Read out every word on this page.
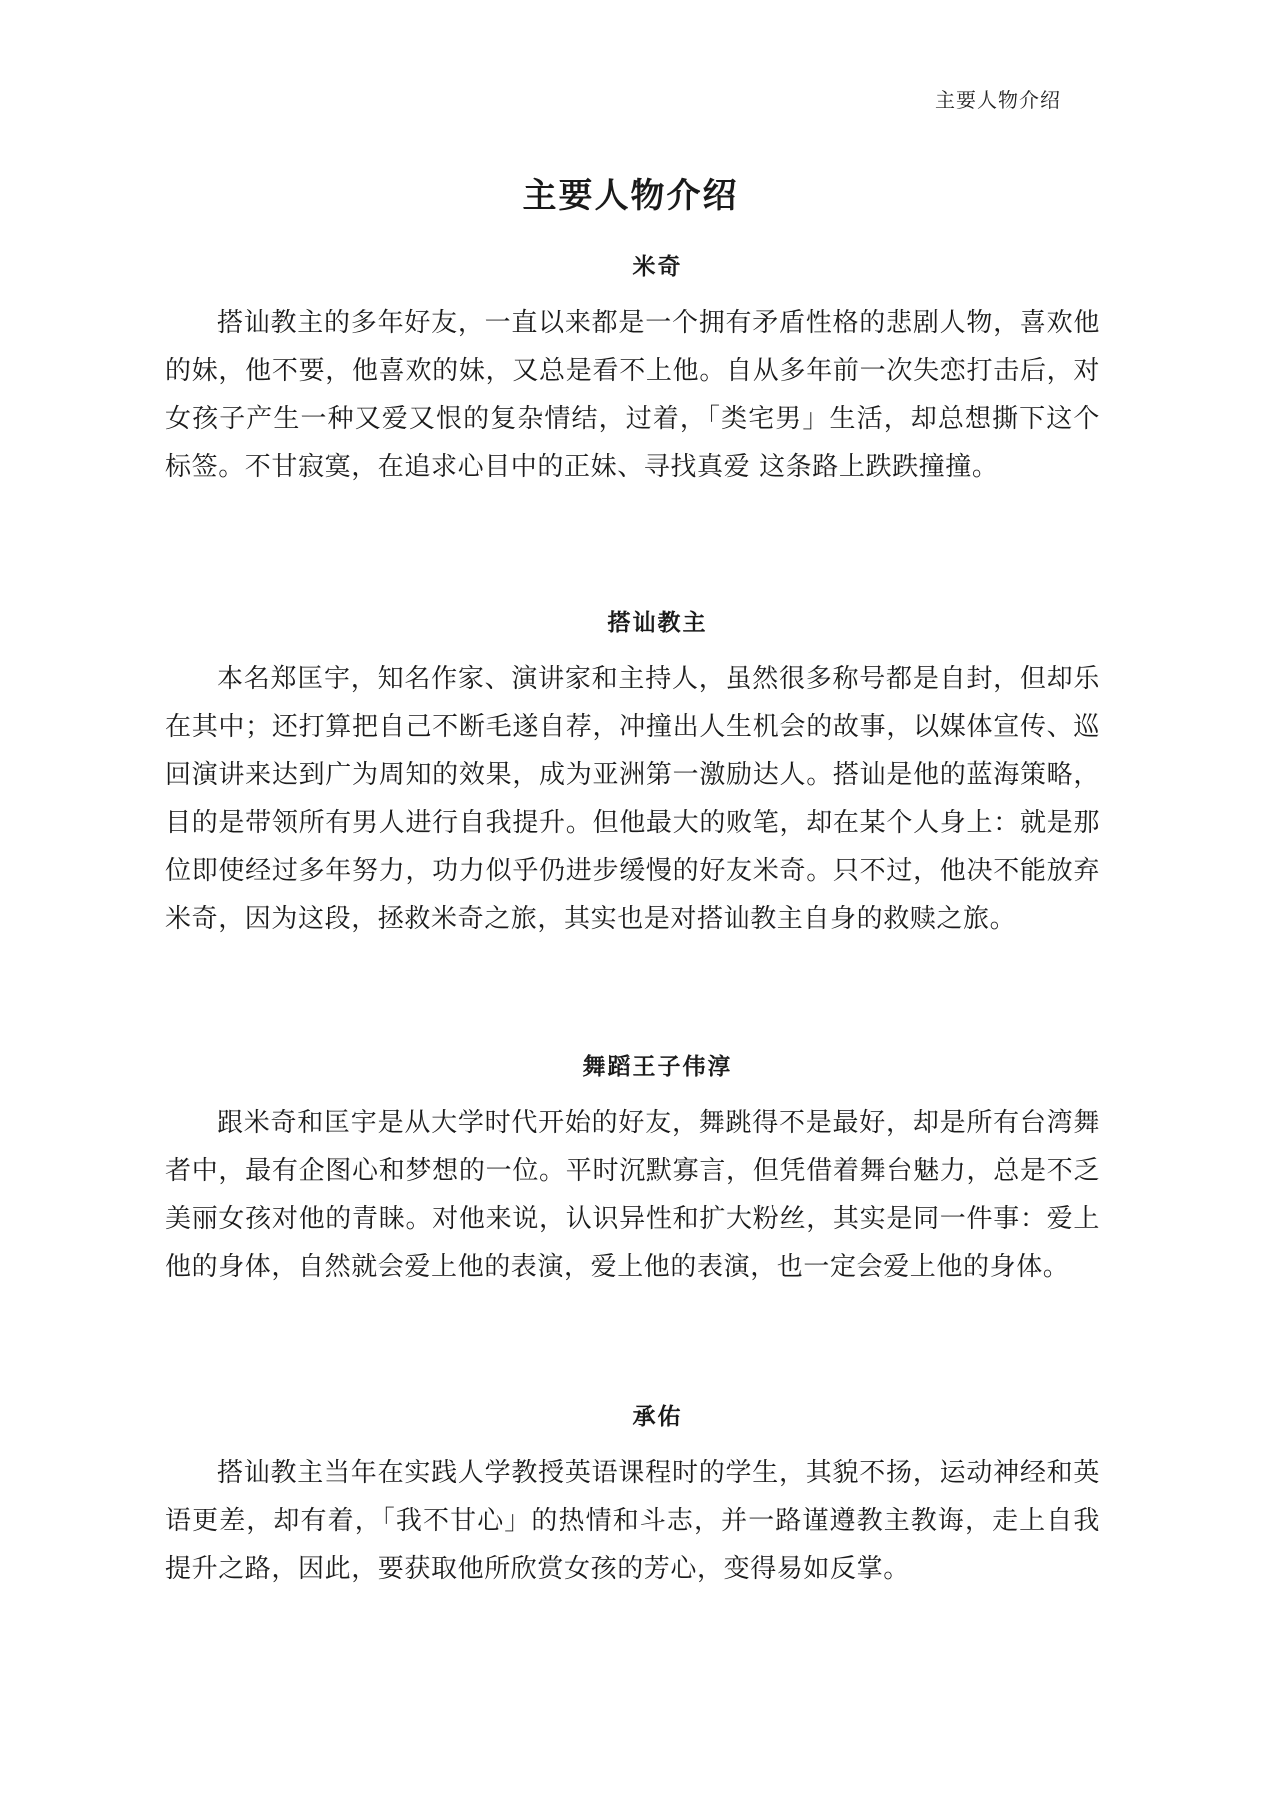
主要人物介绍
主要人物介绍
米奇

搭讪教主的多年好友，一直以来都是一个拥有矛盾性格的悲剧人物，喜欢他的妹，他不要，他喜欢的妹，又总是看不上他。自从多年前一次失恋打击后，对女孩子产生一种又爱又恨的复杂情结，过着，「类宅男」生活，却总想撕下这个标签。不甘寂寞，在追求心目中的正妹、寻找真爱 这条路上跌跌撞撞。

搭讪教主

本名郑匡宇，知名作家、演讲家和主持人，虽然很多称号都是自封，但却乐在其中；还打算把自己不断毛遂自荐，冲撞出人生机会的故事，以媒体宣传、巡回演讲来达到广为周知的效果，成为亚洲第一激励达人。搭讪是他的蓝海策略，目的是带领所有男人进行自我提升。但他最大的败笔，却在某个人身上：就是那位即使经过多年努力，功力似乎仍进步缓慢的好友米奇。只不过，他决不能放弃米奇，因为这段，拯救米奇之旅，其实也是对搭讪教主自身的救赎之旅。

舞蹈王子伟淳

跟米奇和匡宇是从大学时代开始的好友，舞跳得不是最好，却是所有台湾舞者中，最有企图心和梦想的一位。平时沉默寡言，但凭借着舞台魅力，总是不乏美丽女孩对他的青睐。对他来说，认识异性和扩大粉丝，其实是同一件事：爱上他的身体，自然就会爱上他的表演，爱上他的表演，也一定会爱上他的身体。

承佑

搭讪教主当年在实践人学教授英语课程时的学生，其貌不扬，运动神经和英语更差，却有着，「我不甘心」的热情和斗志，并一路谨遵教主教诲，走上自我提升之路，因此，要获取他所欣赏女孩的芳心，变得易如反掌。
